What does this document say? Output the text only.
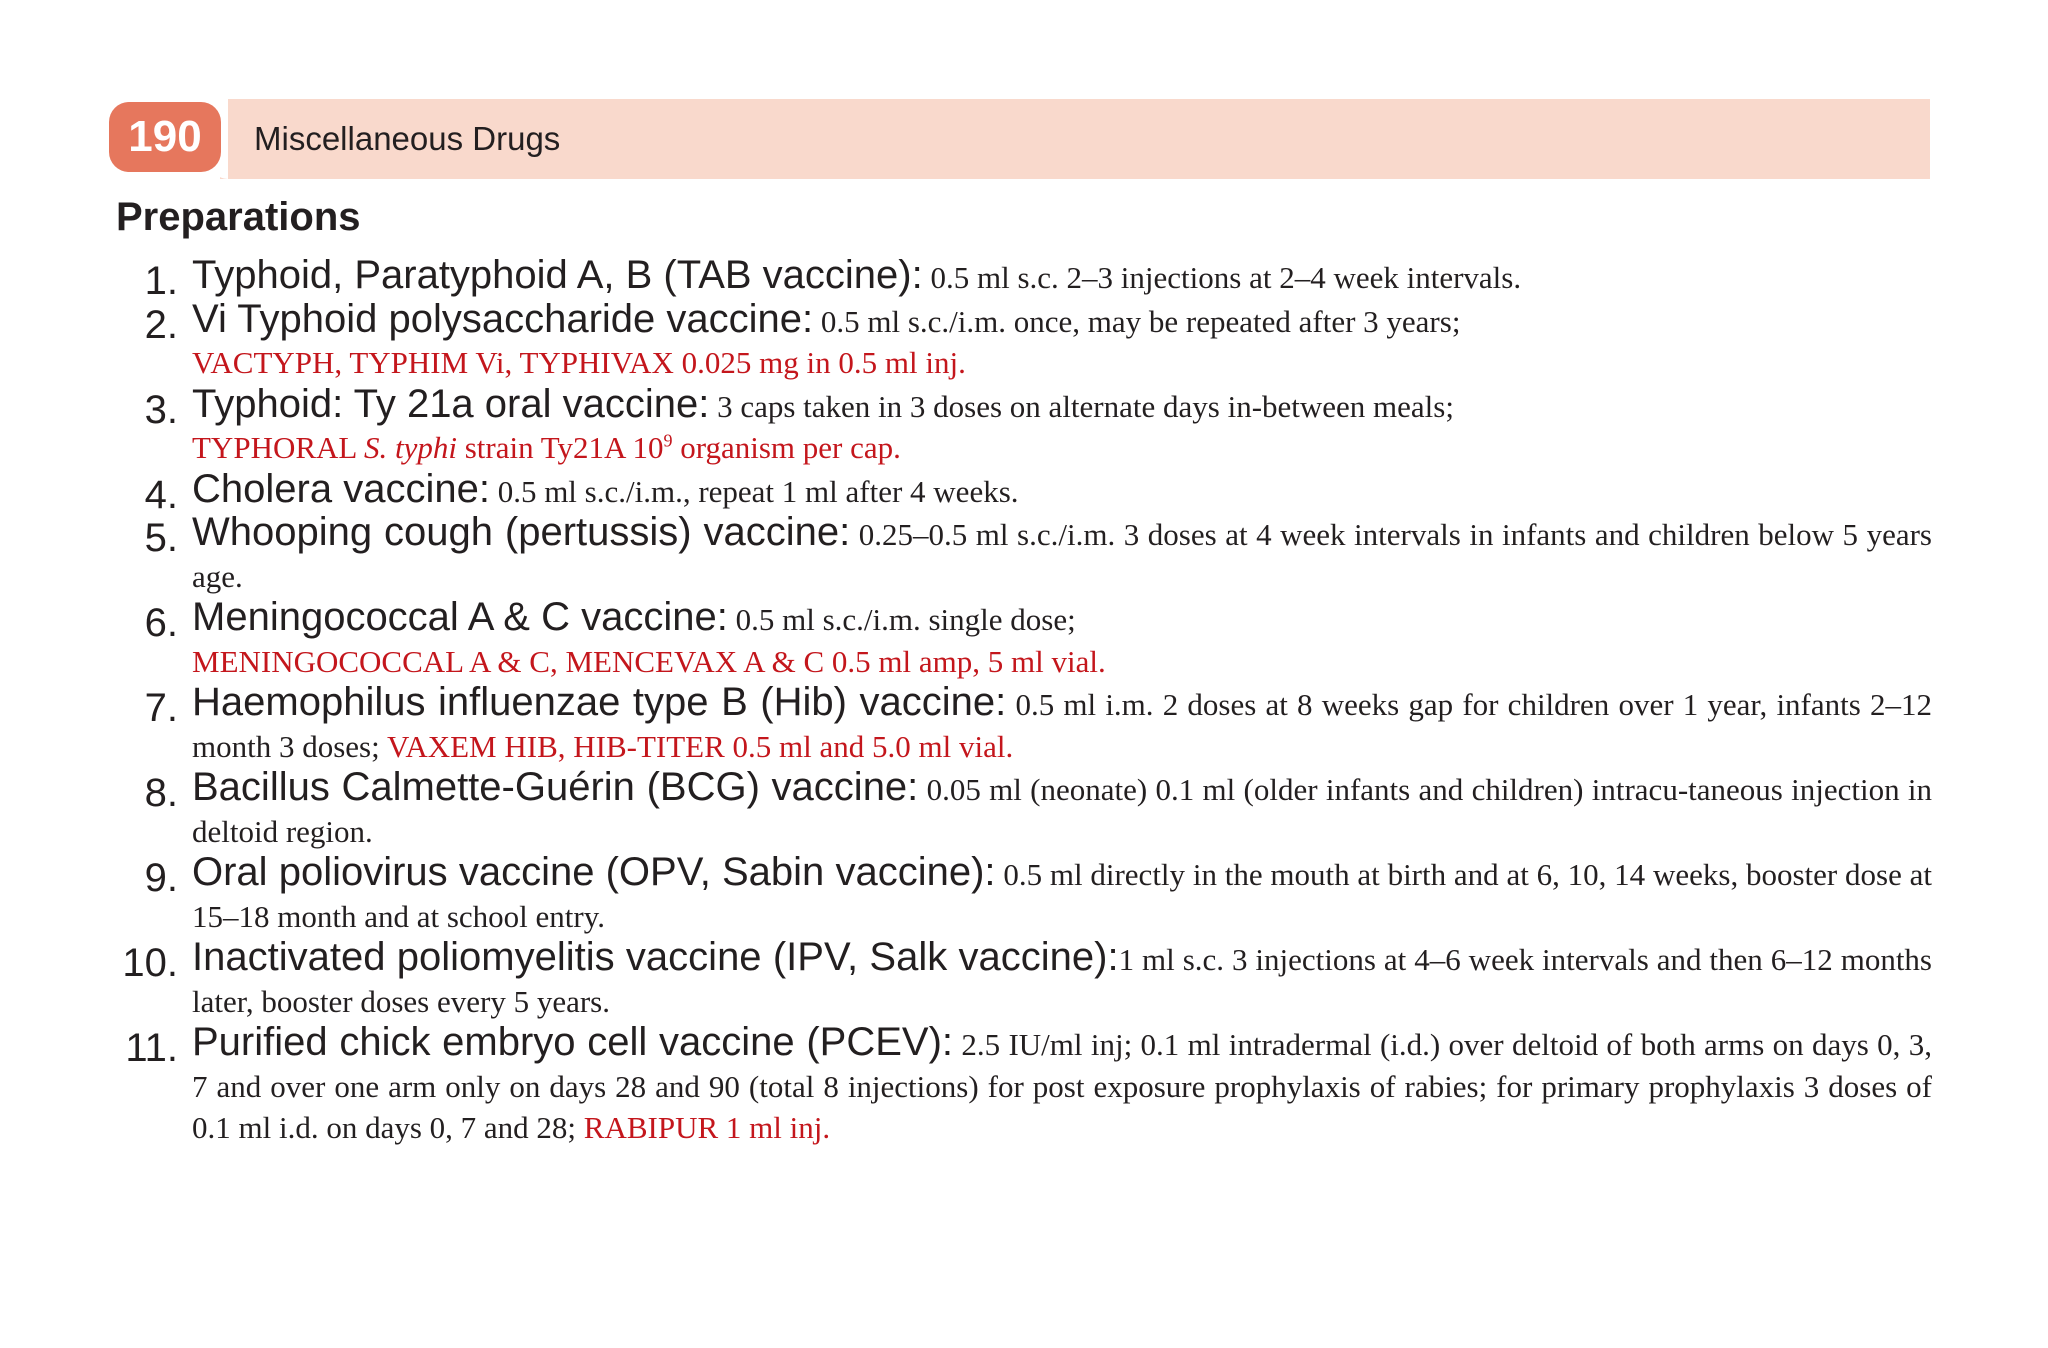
190	Miscellaneous Drugs
Preparations
1. Typhoid, Paratyphoid A, B (TAB vaccine): 0.5 ml s.c. 2–3 injections at 2–4 week intervals.

2. Vi Typhoid polysaccharide vaccine: 0.5 ml s.c./i.m. once, may be repeated after 3 years;
VACTYPH, TYPHIM Vi, TYPHIVAX 0.025 mg in 0.5 ml inj.

3. Typhoid: Ty 21a oral vaccine: 3 caps taken in 3 doses on alternate days in-between meals;
TYPHORAL S. typhi strain Ty21A $10^9$ organism per cap.

4. Cholera vaccine: 0.5 ml s.c./i.m., repeat 1 ml after 4 weeks.

5. Whooping cough (pertussis) vaccine: 0.25–0.5 ml s.c./i.m. 3 doses at 4 week intervals in infants and children below 5 years age.

6. Meningococcal A & C vaccine: 0.5 ml s.c./i.m. single dose;
MENINGOCOCCAL A & C, MENCEVAX A & C 0.5 ml amp, 5 ml vial.

7. Haemophilus influenzae type B (Hib) vaccine: 0.5 ml i.m. 2 doses at 8 weeks gap for children over 1 year, infants 2–12 month 3 doses; VAXEM HIB, HIB-TITER 0.5 ml and 5.0 ml vial.

8. Bacillus Calmette-Guérin (BCG) vaccine: 0.05 ml (neonate) 0.1 ml (older infants and children) intracu-taneous injection in deltoid region.

9. Oral poliovirus vaccine (OPV, Sabin vaccine): 0.5 ml directly in the mouth at birth and at 6, 10, 14 weeks, booster dose at 15–18 month and at school entry.

10. Inactivated poliomyelitis vaccine (IPV, Salk vaccine):1 ml s.c. 3 injections at 4–6 week intervals and then 6–12 months later, booster doses every 5 years.

11. Purified chick embryo cell vaccine (PCEV): 2.5 IU/ml inj; 0.1 ml intradermal (i.d.) over deltoid of both arms on days 0, 3, 7 and over one arm only on days 28 and 90 (total 8 injections) for post exposure prophylaxis of rabies; for primary prophylaxis 3 doses of 0.1 ml i.d. on days 0, 7 and 28; RABIPUR 1 ml inj.
